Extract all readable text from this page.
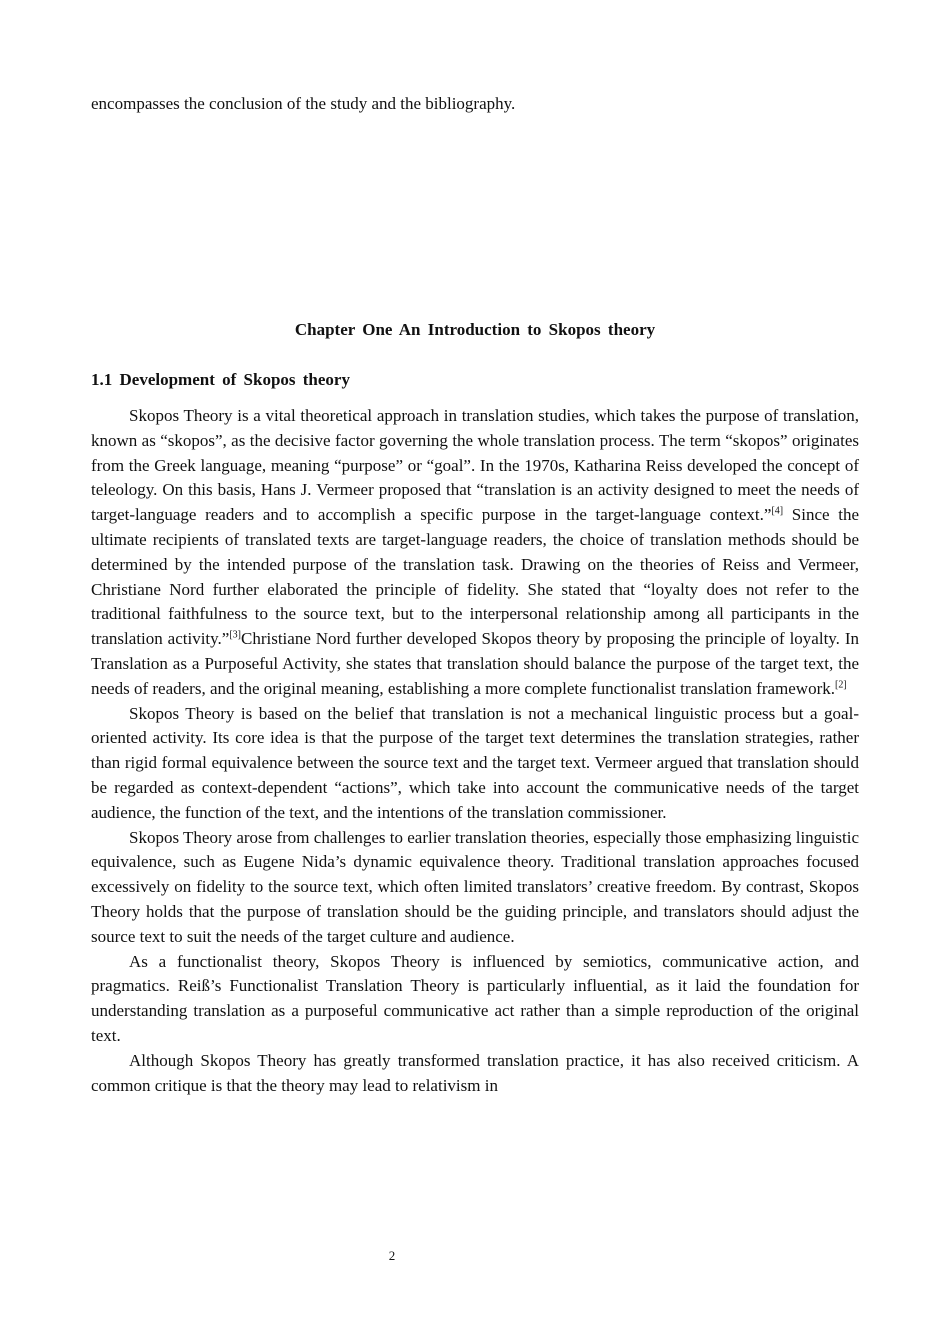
encompasses the conclusion of the study and the bibliography.

Chapter One An Introduction to Skopos theory
1.1 Development of Skopos theory

Skopos Theory is a vital theoretical approach in translation studies, which takes the purpose of translation, known as “skopos”, as the decisive factor governing the whole translation process. The term “skopos” originates from the Greek language, meaning “purpose” or “goal”. In the 1970s, Katharina Reiss developed the concept of teleology. On this basis, Hans J. Vermeer proposed that “translation is an activity designed to meet the needs of target-language readers and to accomplish a specific purpose in the target-language context.”[4] Since the ultimate recipients of translated texts are target-language readers, the choice of translation methods should be determined by the intended purpose of the translation task. Drawing on the theories of Reiss and Vermeer, Christiane Nord further elaborated the principle of fidelity. She stated that “loyalty does not refer to the traditional faithfulness to the source text, but to the interpersonal relationship among all participants in the translation activity.”[3]Christiane Nord further developed Skopos theory by proposing the principle of loyalty. In Translation as a Purposeful Activity, she states that translation should balance the purpose of the target text, the needs of readers, and the original meaning, establishing a more complete functionalist translation framework.[2]

Skopos Theory is based on the belief that translation is not a mechanical linguistic process but a goal-oriented activity. Its core idea is that the purpose of the target text determines the translation strategies, rather than rigid formal equivalence between the source text and the target text. Vermeer argued that translation should be regarded as context-dependent “actions”, which take into account the communicative needs of the target audience, the function of the text, and the intentions of the translation commissioner.

Skopos Theory arose from challenges to earlier translation theories, especially those emphasizing linguistic equivalence, such as Eugene Nida’s dynamic equivalence theory. Traditional translation approaches focused excessively on fidelity to the source text, which often limited translators’ creative freedom. By contrast, Skopos Theory holds that the purpose of translation should be the guiding principle, and translators should adjust the source text to suit the needs of the target culture and audience.

As a functionalist theory, Skopos Theory is influenced by semiotics, communicative action, and pragmatics. Reiß’s Functionalist Translation Theory is particularly influential, as it laid the foundation for understanding translation as a purposeful communicative act rather than a simple reproduction of the original text.

Although Skopos Theory has greatly transformed translation practice, it has also received criticism. A common critique is that the theory may lead to relativism in

2
